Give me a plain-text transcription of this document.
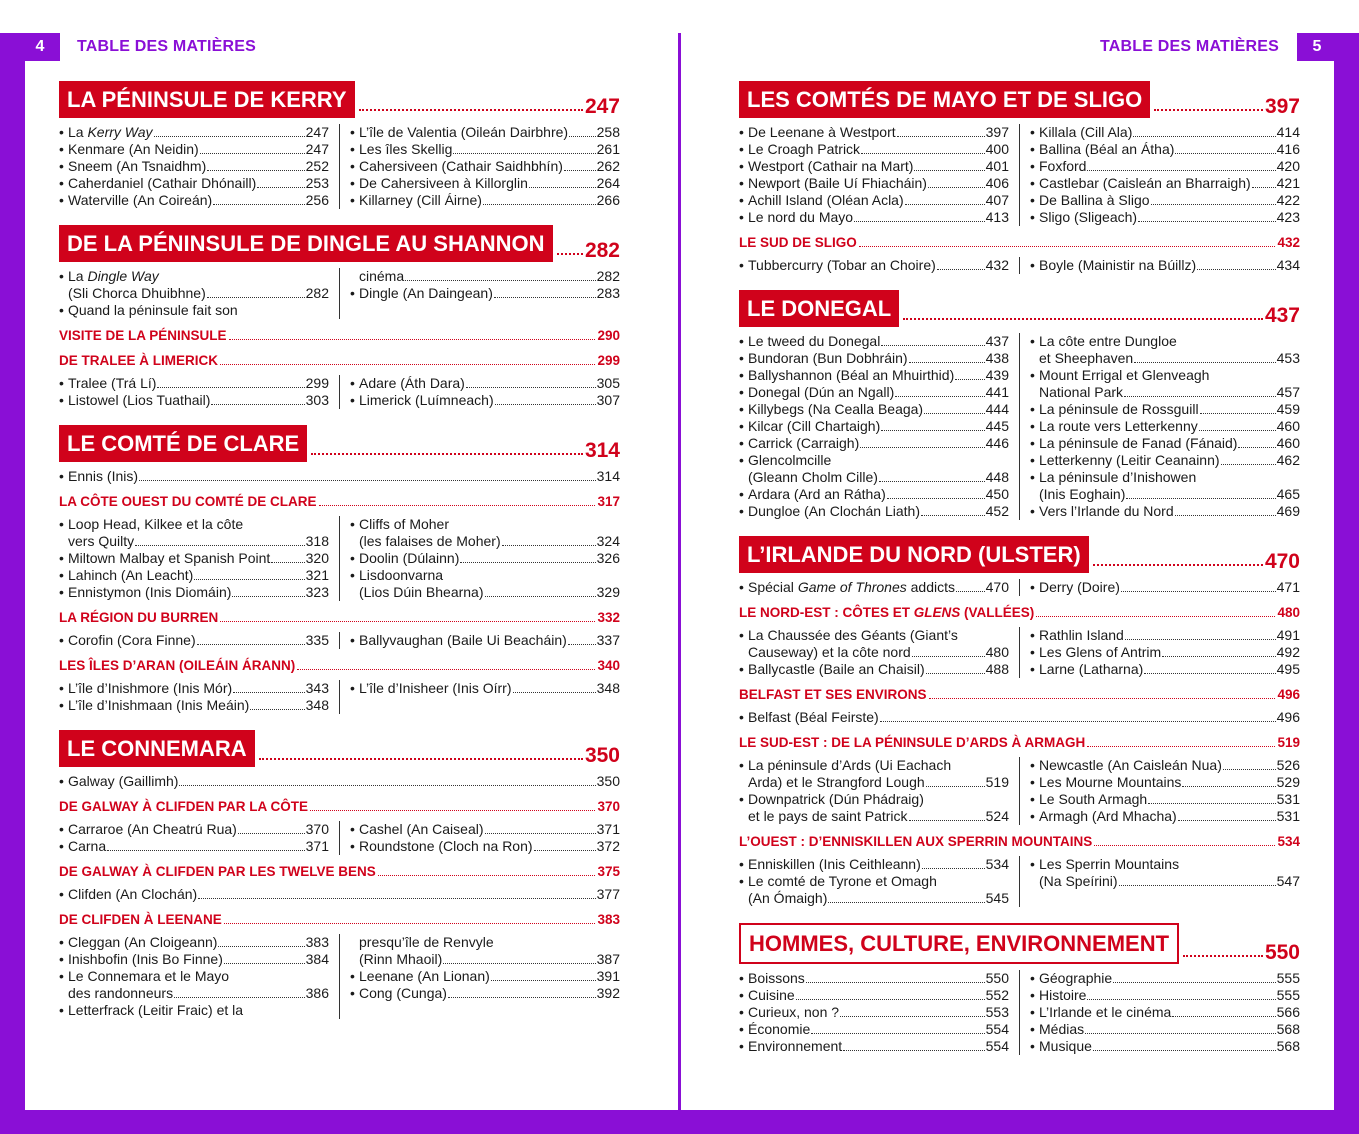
4	TABLE DES MATIÈRES	TABLE DES MATIÈRES	5
LA PÉNINSULE DE KERRY	247
• La Kerry Way	247
• Kenmare (An Neidin)	247
• Sneem (An Tsnaidhm)	252
• Caherdaniel (Cathair Dhónaill)	253
• Waterville (An Coireán)	256
• L’île de Valentia (Oileán Dairbhre) 258
• Les îles Skellig	261
• Cahersiveen (Cathair Saidhbhín) 262
• De Cahersiveen à Killorglin	264
• Killarney (Cill Áirne)	266
DE LA PÉNINSULE DE DINGLE AU SHANNON	282
• La Dingle Way
(Sli Chorca Dhuibhne)	282
• Quand la péninsule fait son
cinéma	282
• Dingle (An Daingean)	283
VISITE DE LA PÉNINSULE	290
DE TRALEE À LIMERICK	299
• Tralee (Trá Lí)	299
• Listowel (Lios Tuathail)	303
• Adare (Áth Dara)	305
• Limerick (Luímneach)	307
LE COMTÉ DE CLARE	314
• Ennis (Inis)	314
LA CÔTE OUEST DU COMTÉ DE CLARE	317
• Loop Head, Kilkee et la côte
vers Quilty	318
• Miltown Malbay et Spanish Point	320
• Lahinch (An Leacht)	321
• Ennistymon (Inis Diomáin)	323
• Cliffs of Moher
(les falaises de Moher)	324
• Doolin (Dúlainn)	326
• Lisdoonvarna
(Lios Dúin Bhearna)	329
LA RÉGION DU BURREN	332
• Corofin (Cora Finne)	335 • Ballyvaughan (Baile Ui Beacháin) 337
LES ÎLES D’ARAN (OILEÁIN ÁRANN)	340
• L’île d’Inishmore (Inis Mór)	343
• L’île d’Inishmaan (Inis Meáin)	348
• L’île d’Inisheer (Inis Oírr)	348
LE CONNEMARA	350
• Galway (Gaillimh)	350
DE GALWAY À CLIFDEN PAR LA CÔTE	370
• Carraroe (An Cheatrú Rua)	370
• Carna	371
• Cashel (An Caiseal)	371
• Roundstone (Cloch na Ron)	372
DE GALWAY À CLIFDEN PAR LES TWELVE BENS	375
• Clifden (An Clochán)	377
DE CLIFDEN À LEENANE	383
• Cleggan (An Cloigeann)	383
• Inishbofin (Inis Bo Finne)	384
• Le Connemara et le Mayo
des randonneurs	386
• Letterfrack (Leitir Fraic) et la
presqu’île de Renvyle
(Rinn Mhaoil)	387
• Leenane (An Lionan)	391
• Cong (Cunga)	392
LES COMTÉS DE MAYO ET DE SLIGO	397
• De Leenane à Westport	397
• Le Croagh Patrick	400
• Westport (Cathair na Mart)	401
• Newport (Baile Uí Fhiacháin)	406
• Achill Island (Oléan Acla)	407
• Le nord du Mayo	413
• Killala (Cill Ala)	414
• Ballina (Béal an Átha)	416
• Foxford	420
• Castlebar (Caisleán an Bharraigh) 421
• De Ballina à Sligo	422
• Sligo (Sligeach)	423
LE SUD DE SLIGO	432
• Tubbercurry (Tobar an Choire)	432 • Boyle (Mainistir na Búillz)	434
LE DONEGAL	437
• Le tweed du Donegal	437
• Bundoran (Bun Dobhráin)	438
• Ballyshannon (Béal an Mhuirthid) 439
• Donegal (Dún an Ngall)	441
• Killybegs (Na Cealla Beaga)	444
• Kilcar (Cill Chartaigh)	445
• Carrick (Carraigh)	446
• Glencolmcille
(Gleann Cholm Cille)	448
• Ardara (Ard an Rátha)	450
• Dungloe (An Clochán Liath)	452
• La côte entre Dungloe
et Sheephaven	453
• Mount Errigal et Glenveagh
National Park	457
• La péninsule de Rossguill	459
• La route vers Letterkenny	460
• La péninsule de Fanad (Fánaid)	460
• Letterkenny (Leitir Ceanainn)	462
• La péninsule d’Inishowen
(Inis Eoghain)	465
• Vers l’Irlande du Nord	469
L’IRLANDE DU NORD (ULSTER)	470
• Spécial Game of Thrones addicts 470 • Derry (Doire)	471
LE NORD-EST : CÔTES ET GLENS (VALLÉES)	480
• La Chaussée des Géants (Giant’s
Causeway) et la côte nord	480
• Ballycastle (Baile an Chaisil)	488
• Rathlin Island	491
• Les Glens of Antrim	492
• Larne (Latharna)	495
BELFAST ET SES ENVIRONS	496
• Belfast (Béal Feirste)	496
LE SUD-EST : DE LA PÉNINSULE D’ARDS À ARMAGH	519
• La péninsule d’Ards (Ui Eachach
Arda) et le Strangford Lough	519
• Downpatrick (Dún Phádraig)
et le pays de saint Patrick	524
• Newcastle (An Caisleán Nua)	526
• Les Mourne Mountains	529
• Le South Armagh	531
• Armagh (Ard Mhacha)	531
L’OUEST : D’ENNISKILLEN AUX SPERRIN MOUNTAINS	534
• Enniskillen (Inis Ceithleann)	534
• Le comté de Tyrone et Omagh
(An Ómaigh)	545
• Les Sperrin Mountains
(Na Speírini)	547
HOMMES, CULTURE, ENVIRONNEMENT	550
• Boissons	550
• Cuisine	552
• Curieux, non ?	553
• Économie	554
• Environnement	554
• Géographie	555
• Histoire	555
• L’Irlande et le cinéma	566
• Médias	568
• Musique	568
